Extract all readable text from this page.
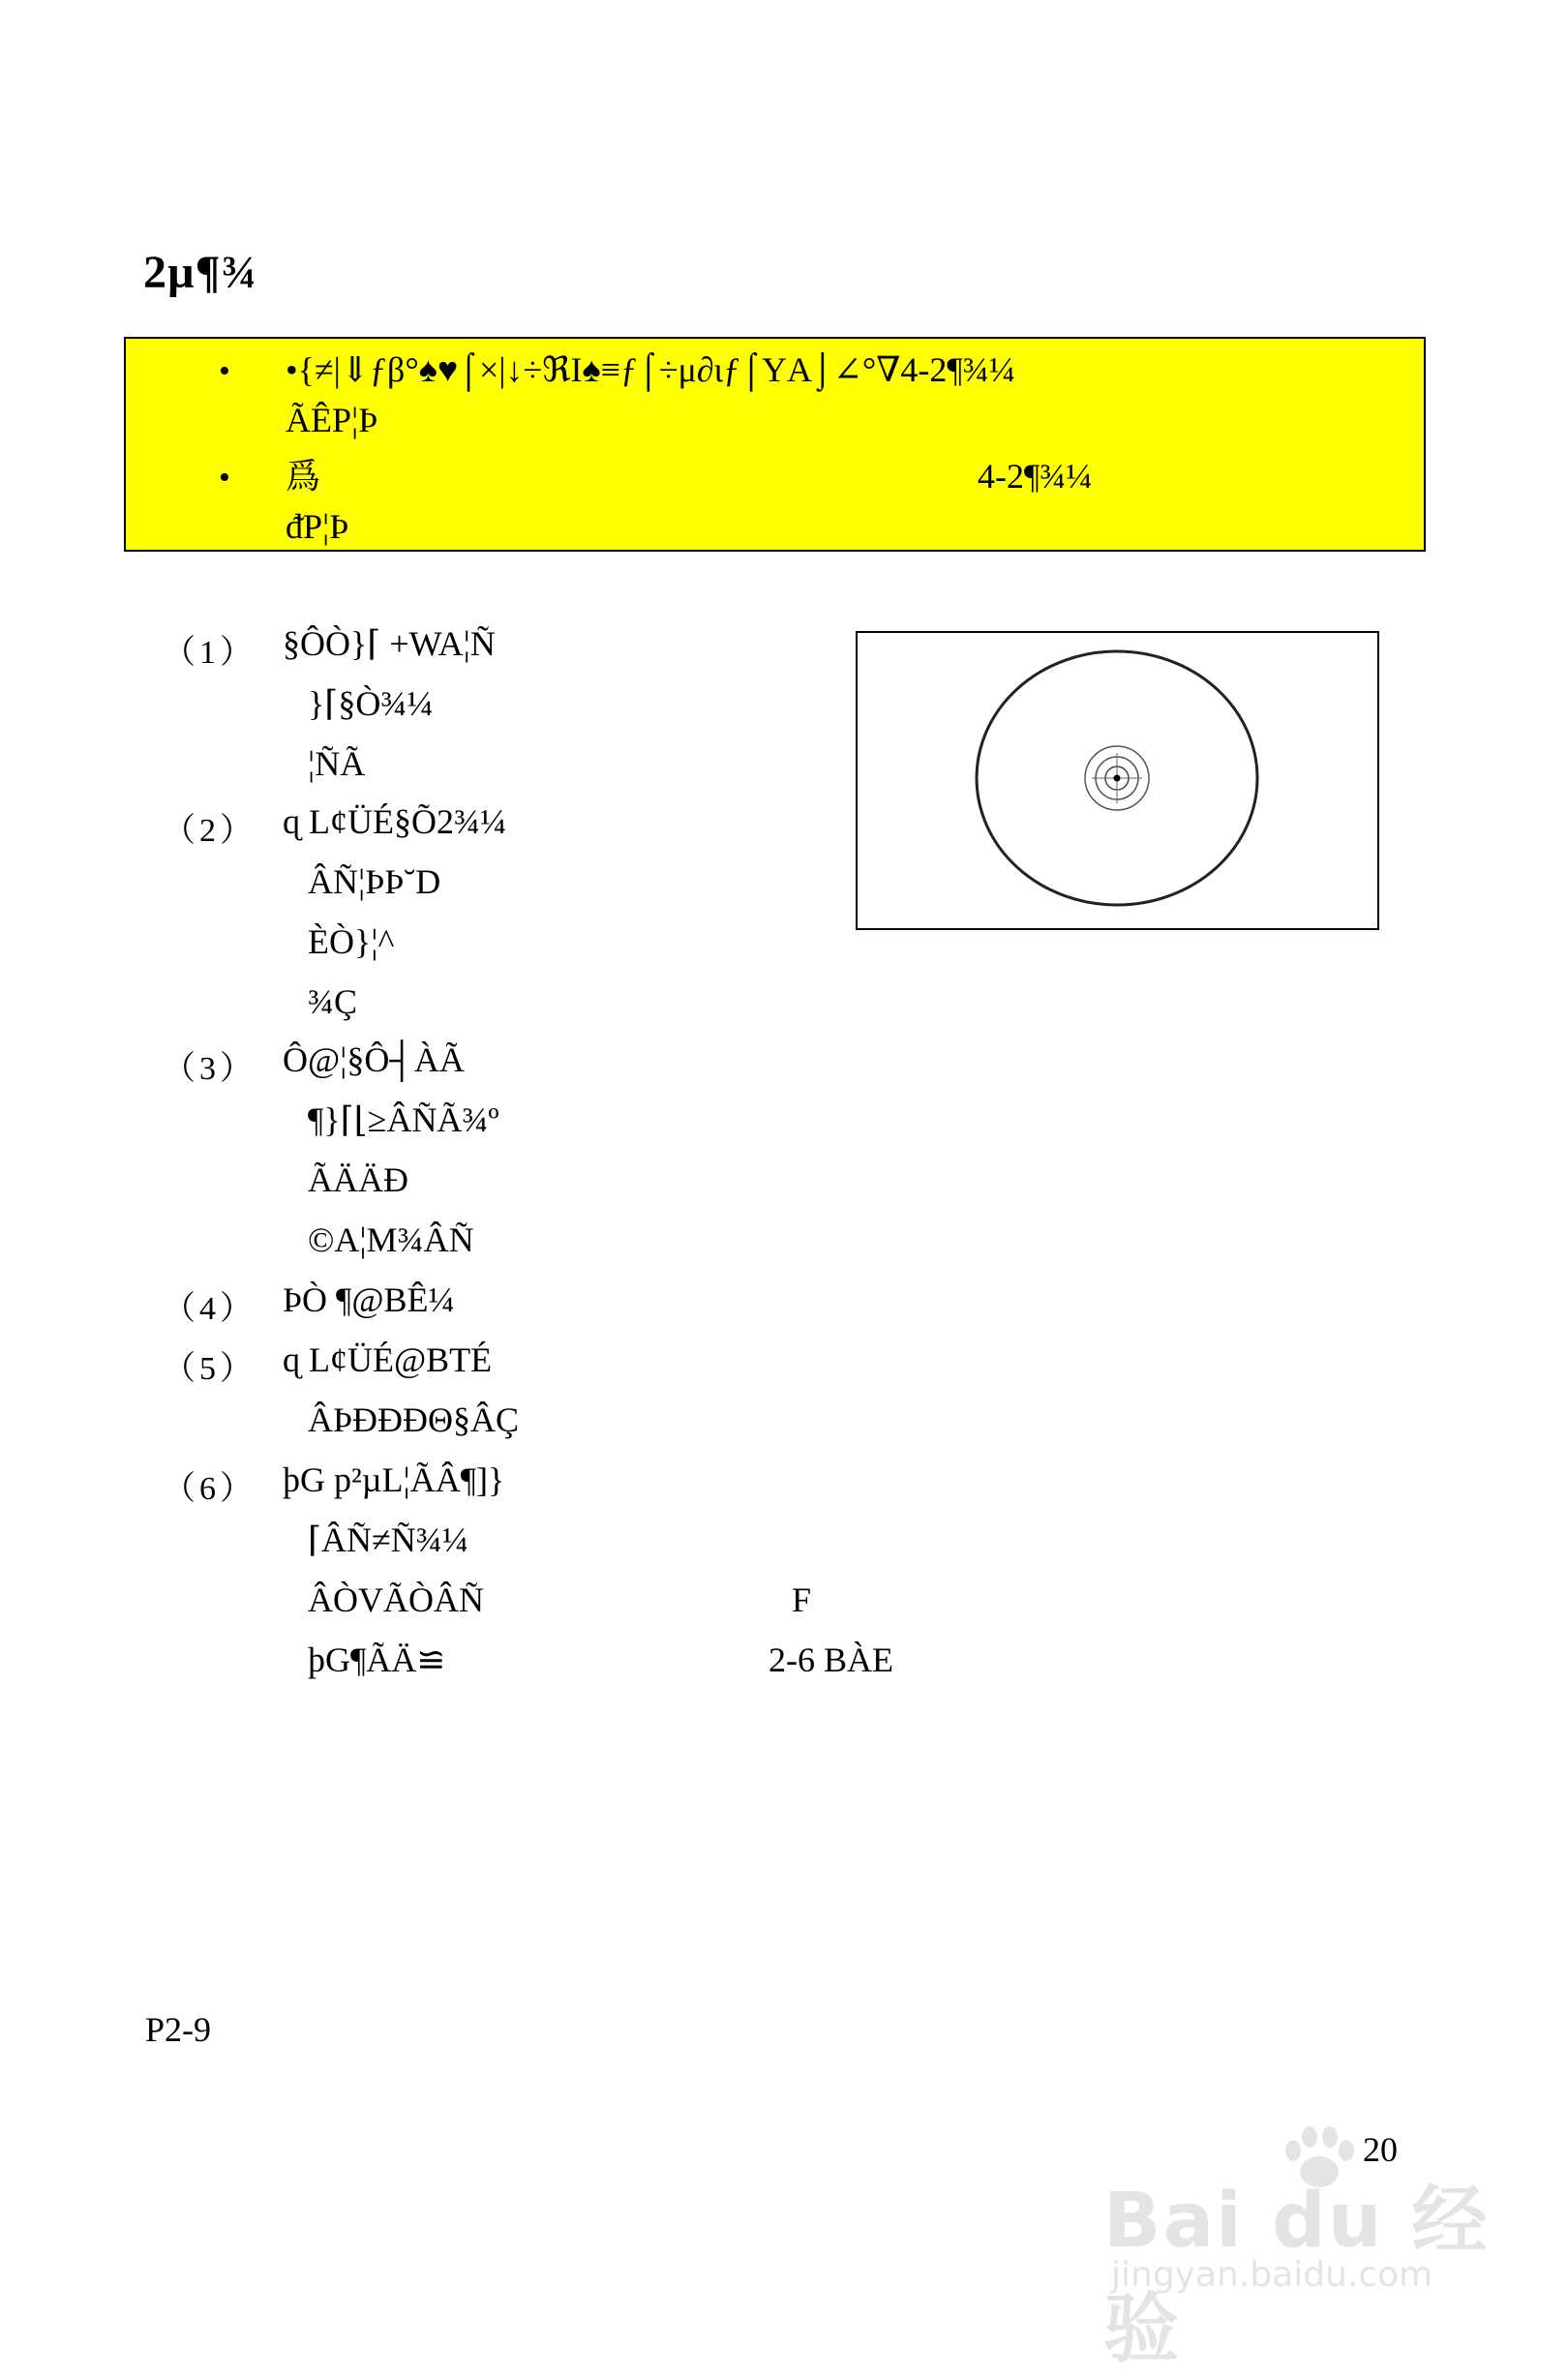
2µ¶¾
• •{≠|⇓ƒβ°♠♥⌠×|↓÷ℜI♠≡ƒ⌠÷μ∂ιƒ⌠ΥA⌡∠°∇4-2¶¾¼
ÃÊP¦Þ
• 爲	4-2¶¾¼
ᵭP¦Þ
（1） §ÔÒ}⌈ +WA¦Ñ
}⌈§Ò¾¼
¦ÑÃ
（2） ɋ L¢ÜÉ§Õ2¾¼
ÂÑ¦ÞÞ˘D
ÈÒ}¦^
¾Ç
（3） Ô@¦§Ô┤ÀÃ
¶}⌈⌊≥ÂÑÃ¾º
ÃÄÄÐ
©A¦M¾ÂÑ
（4） ÞÒ ¶@BÊ¼
（5） ɋ L¢ÜÉ@BTÉ
ÂÞÐÐÐΘ§ÂÇ
（6） þG p²µL¦ÃÂ¶]}
⌈ÂÑ≠Ñ¾¼
ÂÒVÃÒÂÑ	F
þG¶ÃÄ≌	2-6 BÀE
P2-9
20
Bai du 经验
jingyan.baidu.com
